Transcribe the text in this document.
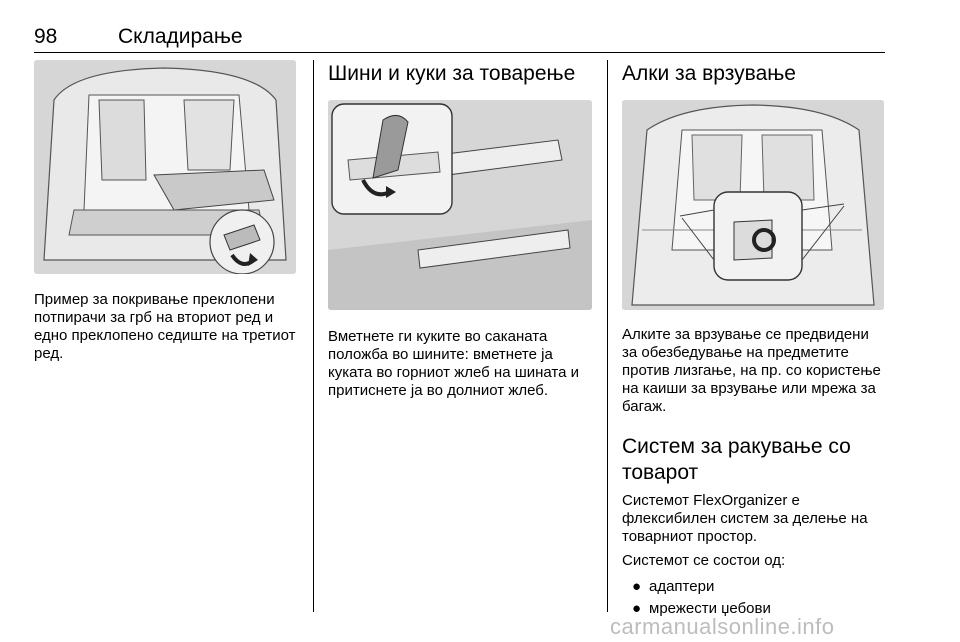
98	Складирање

Пример за покривање преклопени потпирачи за грб на вториот ред и едно преклопено седиште на третиот ред.

Шини и куки за товарење

Вметнете ги куките во саканата положба во шините: вметнете ја куката во горниот жлеб на шината и притиснете ја во долниот жлеб.

Алки за врзување

Алките за врзување се предвидени за обезбедување на предметите против лизгање, на пр. со користење на каиши за врзување или мрежа за багаж.

Систем за ракување со товарот

Системот FlexOrganizer е флексибилен систем за делење на товарниот простор.

Системот се состои од:

● адаптери
● мрежести џебови
carmanualsonline.info
